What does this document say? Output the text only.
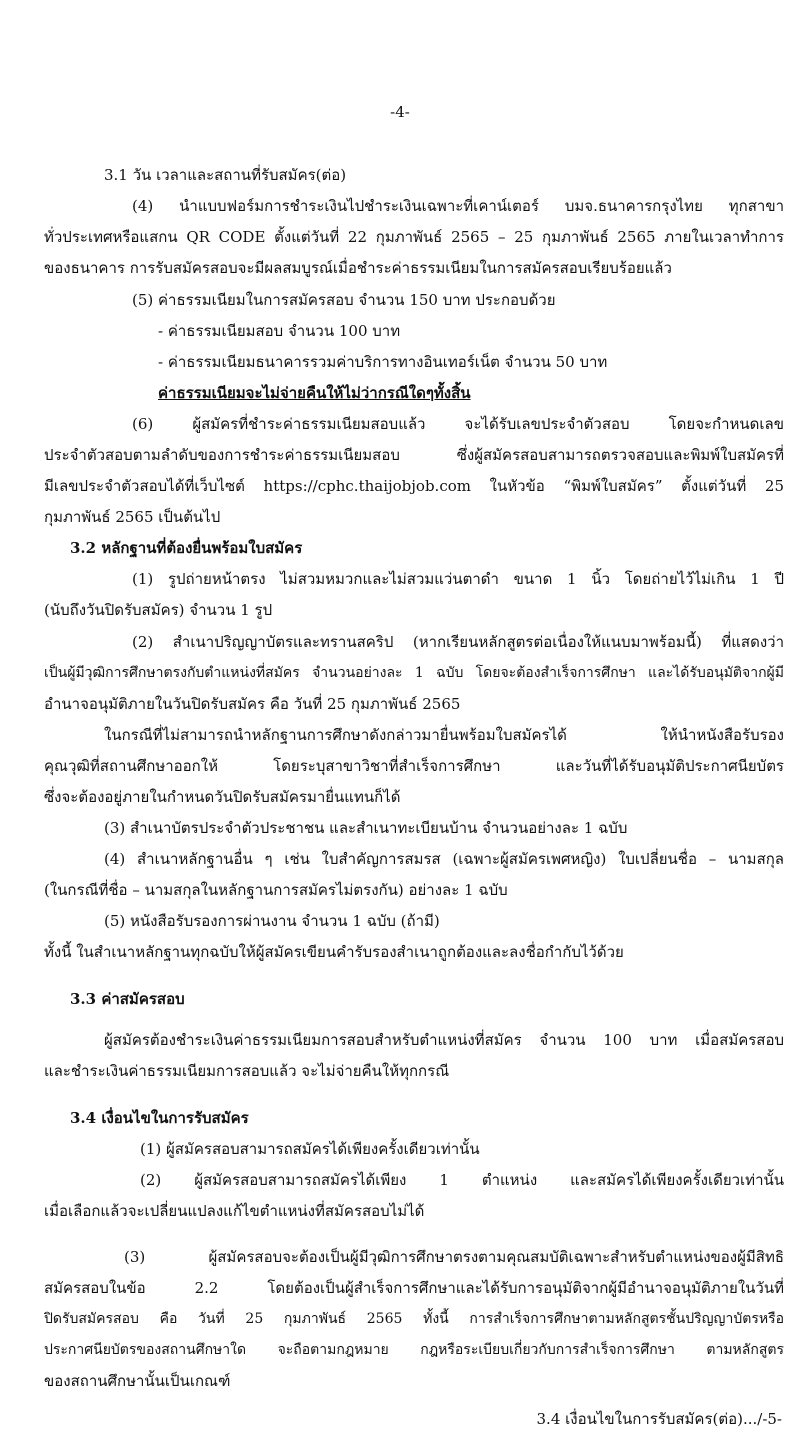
-4-
3.1 วัน เวลาและสถานที่รับสมัคร(ต่อ)
(4) นำแบบฟอร์มการชำระเงินไปชำระเงินเฉพาะที่เคาน์เตอร์ บมจ.ธนาคารกรุงไทย ทุกสาขา
ทั่วประเทศหรือแสกน QR CODE ตั้งแต่วันที่ 22 กุมภาพันธ์ 2565 – 25 กุมภาพันธ์ 2565 ภายในเวลาทำการ
ของธนาคาร การรับสมัครสอบจะมีผลสมบูรณ์เมื่อชำระค่าธรรมเนียมในการสมัครสอบเรียบร้อยแล้ว
(5) ค่าธรรมเนียมในการสมัครสอบ จำนวน 150 บาท ประกอบด้วย
- ค่าธรรมเนียมสอบ จำนวน 100 บาท
- ค่าธรรมเนียมธนาคารรวมค่าบริการทางอินเทอร์เน็ต จำนวน 50 บาท
ค่าธรรมเนียมจะไม่จ่ายคืนให้ไม่ว่ากรณีใดๆทั้งสิ้น
(6) ผู้สมัครที่ชำระค่าธรรมเนียมสอบแล้ว จะได้รับเลขประจำตัวสอบ โดยจะกำหนดเลข
ประจำตัวสอบตามลำดับของการชำระค่าธรรมเนียมสอบ ซึ่งผู้สมัครสอบสามารถตรวจสอบและพิมพ์ใบสมัครที่
มีเลขประจำตัวสอบได้ที่เว็บไซต์ https://cphc.thaijobjob.com ในหัวข้อ “พิมพ์ใบสมัคร” ตั้งแต่วันที่ 25
กุมภาพันธ์ 2565 เป็นต้นไป
3.2 หลักฐานที่ต้องยื่นพร้อมใบสมัคร
(1) รูปถ่ายหน้าตรง ไม่สวมหมวกและไม่สวมแว่นตาดำ ขนาด 1 นิ้ว โดยถ่ายไว้ไม่เกิน 1 ปี
(นับถึงวันปิดรับสมัคร) จำนวน 1 รูป
(2) สำเนาปริญญาบัตรและทรานสคริป (หากเรียนหลักสูตรต่อเนื่องให้แนบมาพร้อมนี้) ที่แสดงว่า
เป็นผู้มีวุฒิการศึกษาตรงกับตำแหน่งที่สมัคร จำนวนอย่างละ 1 ฉบับ โดยจะต้องสำเร็จการศึกษา และได้รับอนุมัติจากผู้มี
อำนาจอนุมัติภายในวันปิดรับสมัคร คือ วันที่ 25 กุมภาพันธ์ 2565
ในกรณีที่ไม่สามารถนำหลักฐานการศึกษาดังกล่าวมายื่นพร้อมใบสมัครได้ ให้นำหนังสือรับรอง
คุณวุฒิที่สถานศึกษาออกให้ โดยระบุสาขาวิชาที่สำเร็จการศึกษา และวันที่ได้รับอนุมัติประกาศนียบัตร
ซึ่งจะต้องอยู่ภายในกำหนดวันปิดรับสมัครมายื่นแทนก็ได้
(3) สำเนาบัตรประจำตัวประชาชน และสำเนาทะเบียนบ้าน จำนวนอย่างละ 1 ฉบับ
(4) สำเนาหลักฐานอื่น ๆ เช่น ใบสำคัญการสมรส (เฉพาะผู้สมัครเพศหญิง) ใบเปลี่ยนชื่อ – นามสกุล
(ในกรณีที่ชื่อ – นามสกุลในหลักฐานการสมัครไม่ตรงกัน) อย่างละ 1 ฉบับ
(5) หนังสือรับรองการผ่านงาน จำนวน 1 ฉบับ (ถ้ามี)
ทั้งนี้ ในสำเนาหลักฐานทุกฉบับให้ผู้สมัครเขียนคำรับรองสำเนาถูกต้องและลงชื่อกำกับไว้ด้วย
3.3 ค่าสมัครสอบ
ผู้สมัครต้องชำระเงินค่าธรรมเนียมการสอบสำหรับตำแหน่งที่สมัคร จำนวน 100 บาท เมื่อสมัครสอบ
และชำระเงินค่าธรรมเนียมการสอบแล้ว จะไม่จ่ายคืนให้ทุกกรณี
3.4 เงื่อนไขในการรับสมัคร
(1) ผู้สมัครสอบสามารถสมัครได้เพียงครั้งเดียวเท่านั้น
(2) ผู้สมัครสอบสามารถสมัครได้เพียง 1 ตำแหน่ง และสมัครได้เพียงครั้งเดียวเท่านั้น
เมื่อเลือกแล้วจะเปลี่ยนแปลงแก้ไขตำแหน่งที่สมัครสอบไม่ได้
(3) ผู้สมัครสอบจะต้องเป็นผู้มีวุฒิการศึกษาตรงตามคุณสมบัติเฉพาะสำหรับตำแหน่งของผู้มีสิทธิ
สมัครสอบในข้อ 2.2 โดยต้องเป็นผู้สำเร็จการศึกษาและได้รับการอนุมัติจากผู้มีอำนาจอนุมัติภายในวันที่
ปิดรับสมัครสอบ คือ วันที่ 25 กุมภาพันธ์ 2565 ทั้งนี้ การสำเร็จการศึกษาตามหลักสูตรชั้นปริญญาบัตรหรือ
ประกาศนียบัตรของสถานศึกษาใด จะถือตามกฎหมาย กฎหรือระเบียบเกี่ยวกับการสำเร็จการศึกษา ตามหลักสูตร
ของสถานศึกษานั้นเป็นเกณฑ์
3.4 เงื่อนไขในการรับสมัคร(ต่อ).../-5-
